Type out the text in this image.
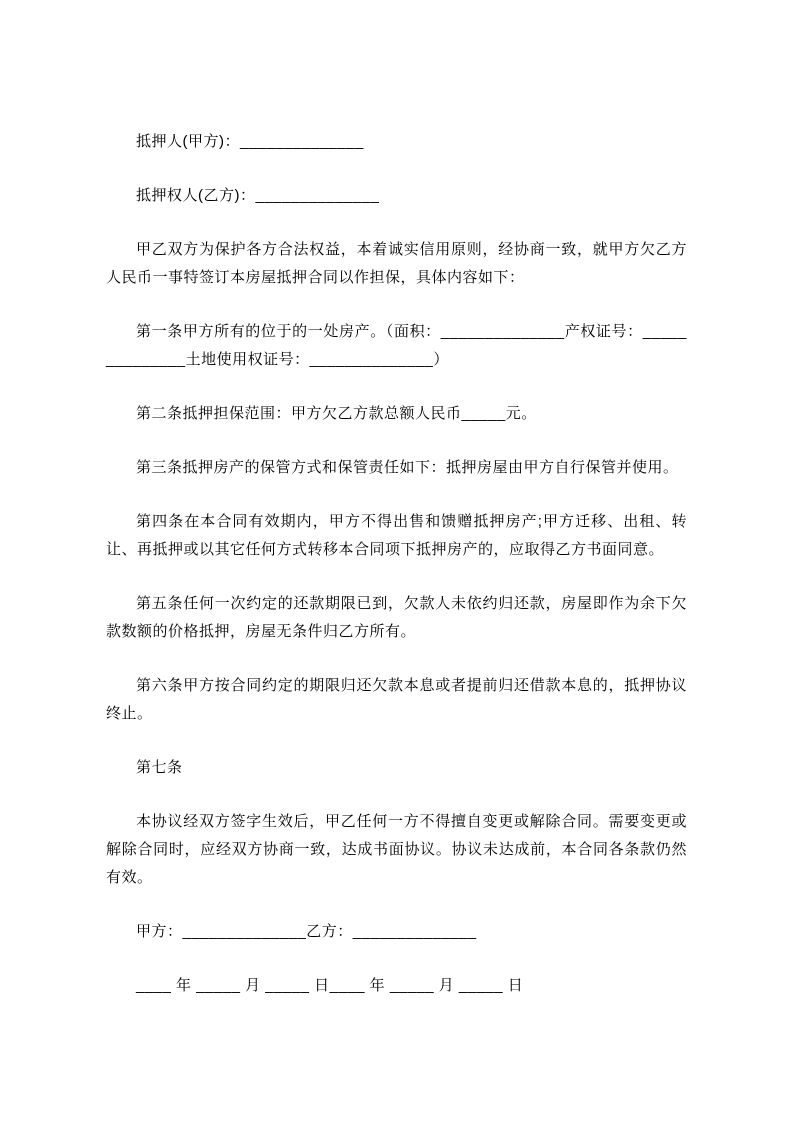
抵押人(甲方)：______________

抵押权人(乙方)：______________

甲乙双方为保护各方合法权益，本着诚实信用原则，经协商一致，就甲方欠乙方人民币一事特签订本房屋抵押合同以作担保，具体内容如下：

第一条甲方所有的位于的一处房产。（面积：______________产权证号：______________土地使用权证号：______________）

第二条抵押担保范围：甲方欠乙方款总额人民币_____元。

第三条抵押房产的保管方式和保管责任如下：抵押房屋由甲方自行保管并使用。

第四条在本合同有效期内，甲方不得出售和馈赠抵押房产;甲方迁移、出租、转让、再抵押或以其它任何方式转移本合同项下抵押房产的，应取得乙方书面同意。

第五条任何一次约定的还款期限已到，欠款人未依约归还款，房屋即作为余下欠款数额的价格抵押，房屋无条件归乙方所有。

第六条甲方按合同约定的期限归还欠款本息或者提前归还借款本息的，抵押协议终止。

第七条

本协议经双方签字生效后，甲乙任何一方不得擅自变更或解除合同。需要变更或解除合同时，应经双方协商一致，达成书面协议。协议未达成前，本合同各条款仍然有效。

甲方：______________乙方：______________

____ 年 _____ 月 _____ 日____ 年 _____ 月 _____ 日
